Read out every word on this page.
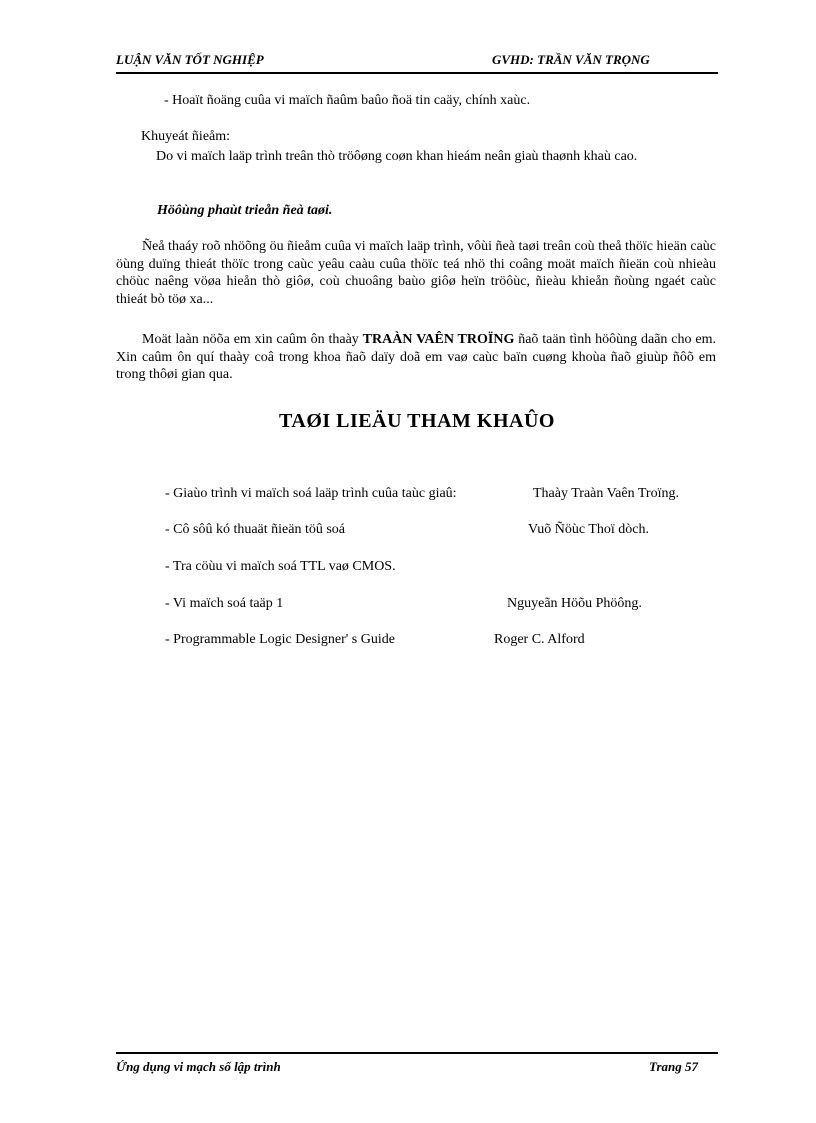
LUẬN VĂN TỐT NGHIỆP	GVHD: TRẦN VĂN TRỌNG
- Hoaït ñoäng cuûa vi maïch ñaûm baûo ñoä tin caäy, chính xaùc.
Khuyeát ñieåm:
Do vi maïch laäp trình treân thò tröôøng coøn khan hieám neân giaù thaønh khaù cao.
Höôùng phaùt trieån ñeà taøi.
Ñeå thaáy roõ nhöõng öu ñieåm cuûa vi maïch laäp trình, vôùi ñeà taøi treân coù theå thöïc hieän caùc öùng duïng thieát thöïc trong caùc yeâu caàu cuûa thöïc teá nhö thi coâng moät maïch ñieän coù nhieàu chöùc naêng vöøa hieån thò giôø, coù chuoâng baùo giôø heïn tröôùc, ñieàu khieån ñoùng ngaét caùc thieát bò töø xa...
Moät laàn nöõa em xin caûm ôn thaày TRAÀN VAÊN TROÏNG ñaõ taän tình höôùng daãn cho em. Xin caûm ôn quí thaày coâ trong khoa ñaõ daïy doã em vaø caùc baïn cuøng khoùa ñaõ giuùp ñôõ em trong thôøi gian qua.
TAØI LIEÄU THAM KHAÛO
- Giaùo trình vi maïch soá laäp trình cuûa taùc giaû:	Thaày Traàn Vaên Troïng.
- Cô sôû kó thuaät ñieän töû soá	Vuõ Ñöùc Thoï dòch.
- Tra cöùu vi maïch soá TTL vaø CMOS.
- Vi maïch soá taäp 1	Nguyeãn Höõu Phöông.
- Programmable Logic Designer' s Guide	Roger C. Alford
Ứng dụng vi mạch số lập trình	Trang 57
